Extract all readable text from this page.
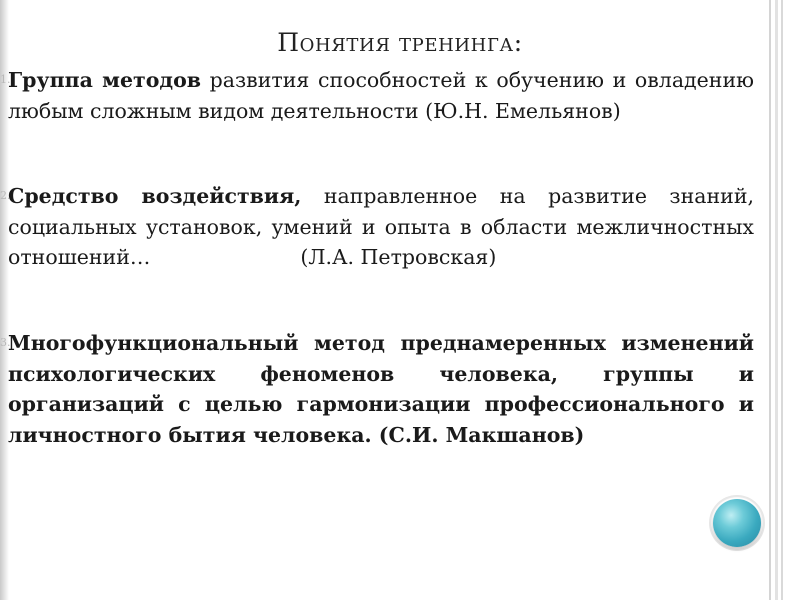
Понятия тренинга:
1.
Группа методов развития способностей к обучению и овладению любым сложным видом деятельности (Ю.Н. Емельянов)
2.
Средство воздействия, направленное на развитие знаний, социальных установок, умений и опыта в области межличностных отношений…	(Л.А. Петровская)
3.
Многофункциональный метод преднамеренных изменений психологических феноменов человека, группы и организаций с целью гармонизации профессионального и личностного бытия человека. (С.И. Макшанов)
